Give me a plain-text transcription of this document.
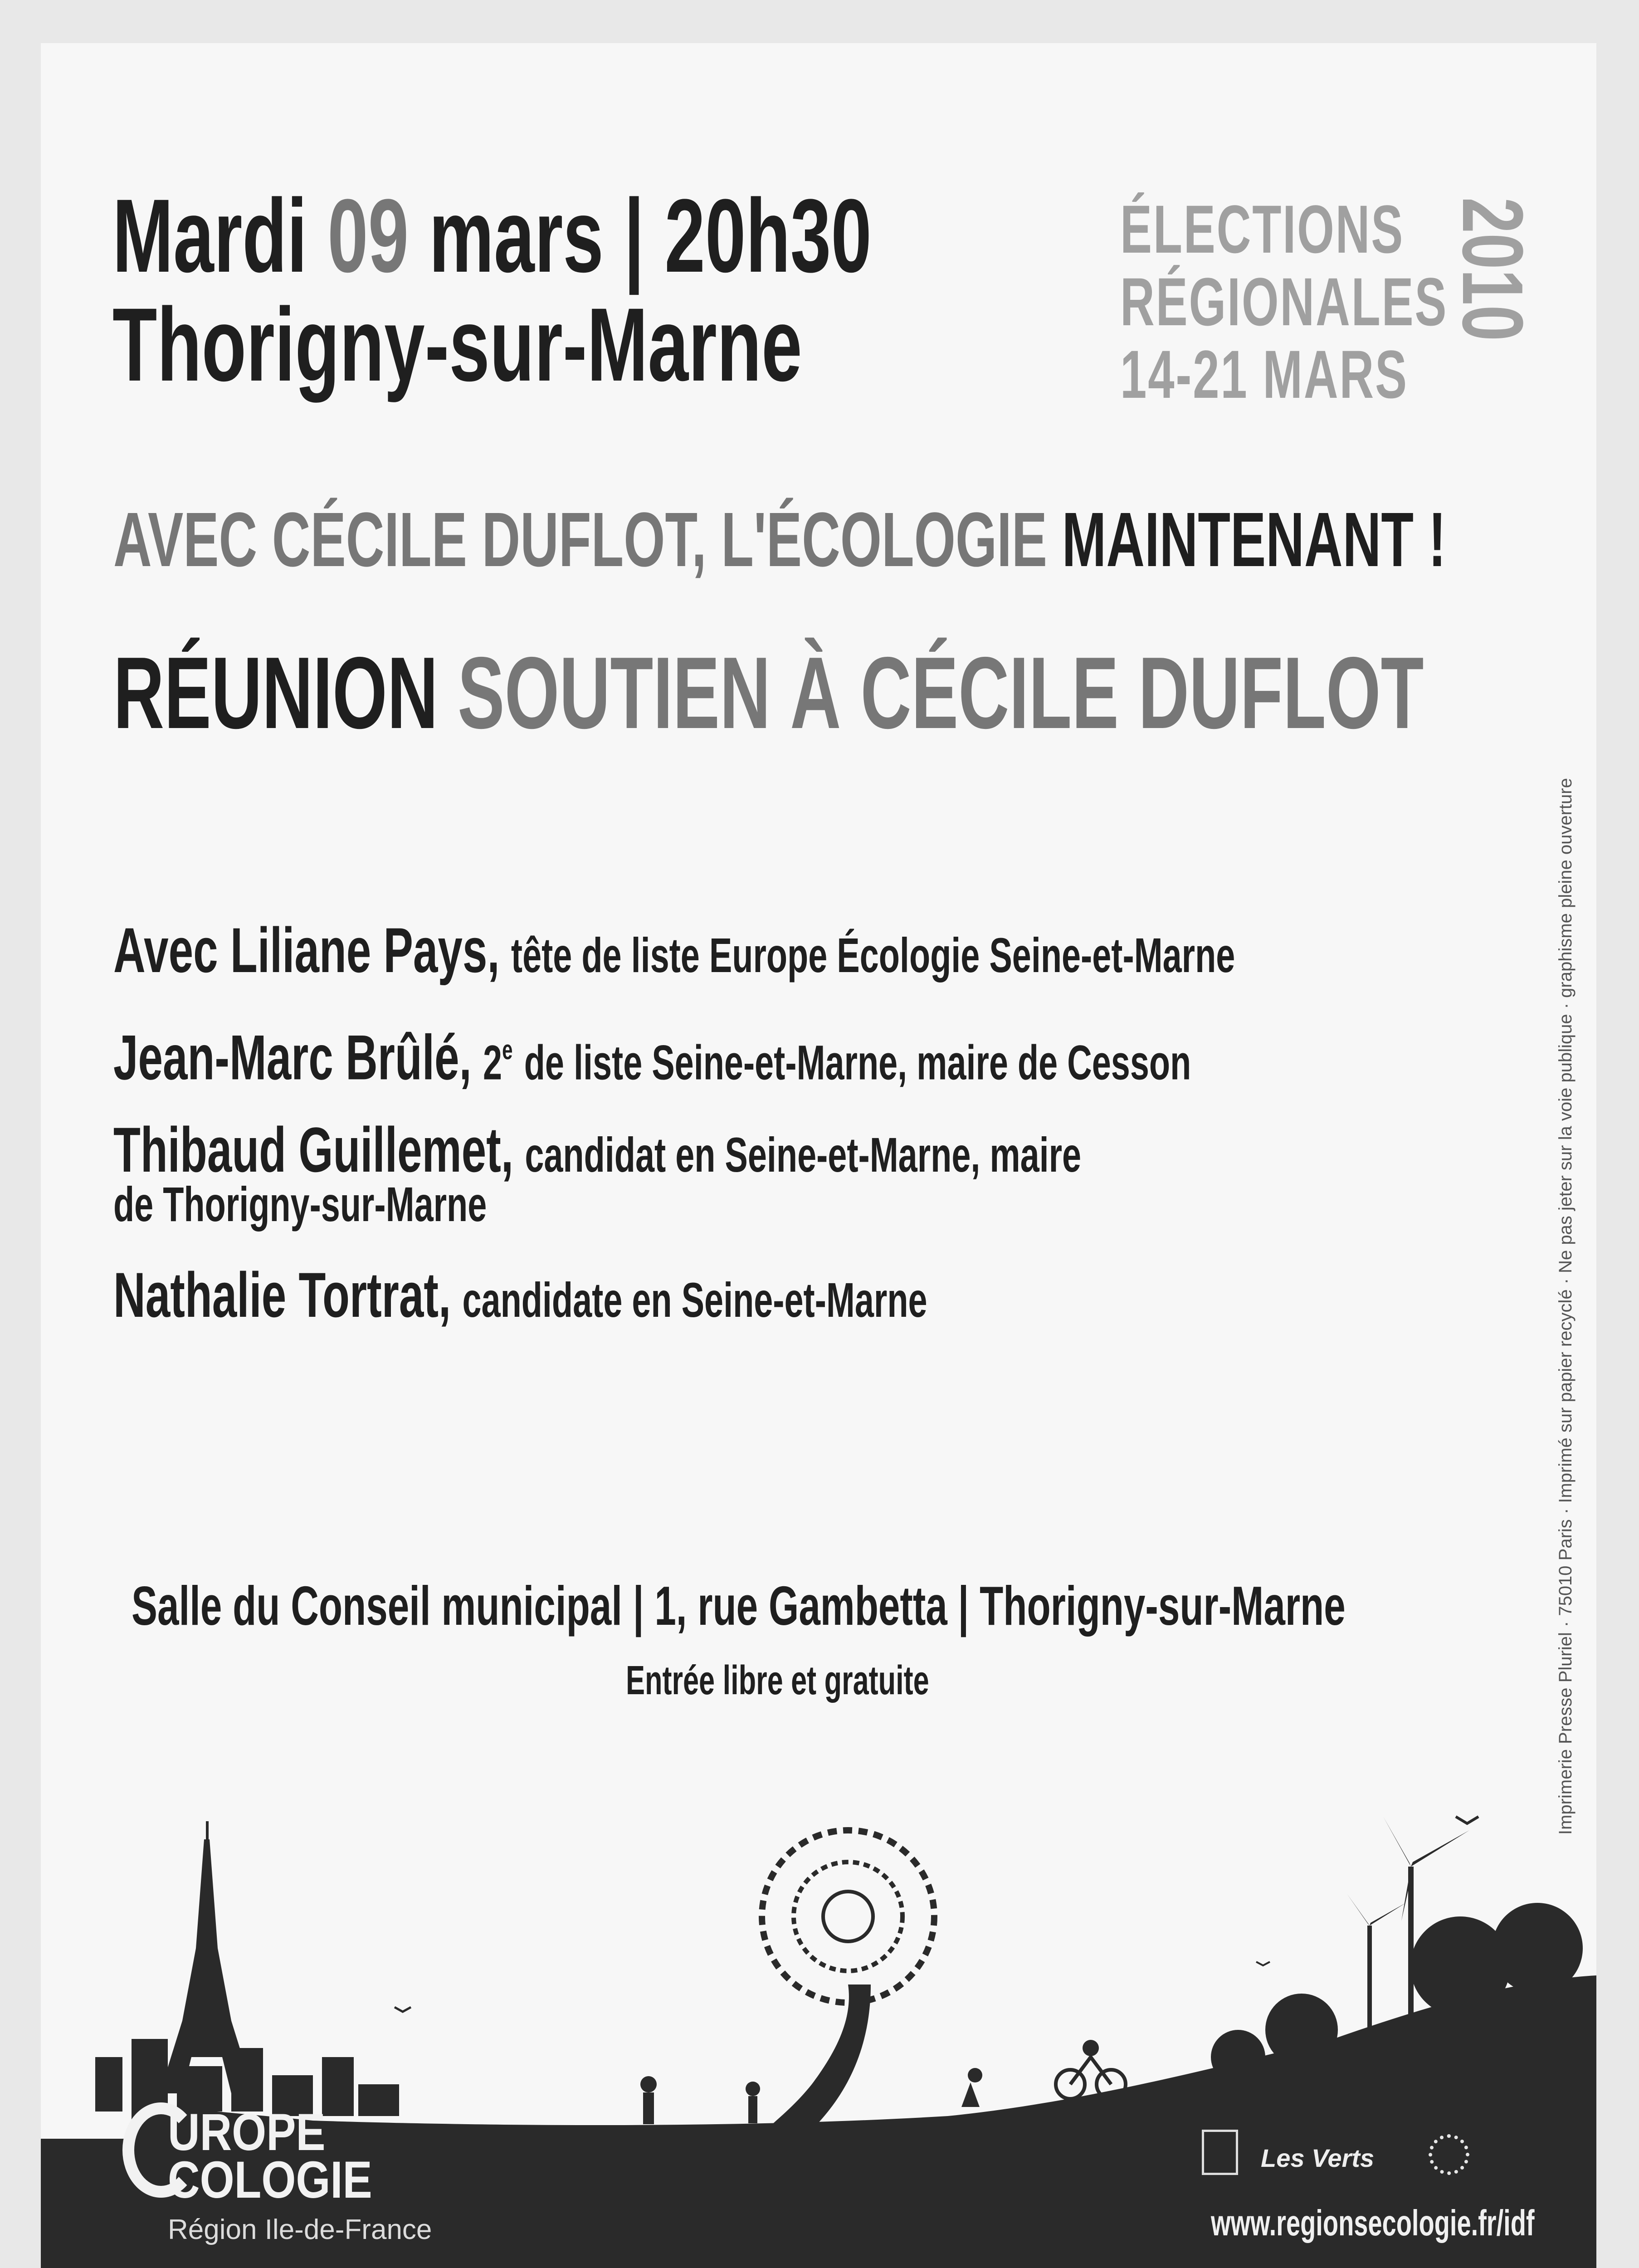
Mardi 09 mars | 20h30
Thorigny-sur-Marne
ÉLECTIONS
RÉGIONALES
14-21 MARS
2010
AVEC CÉCILE DUFLOT, L'ÉCOLOGIE MAINTENANT !
RÉUNION SOUTIEN À CÉCILE DUFLOT
Avec Liliane Pays, tête de liste Europe Écologie Seine-et-Marne
Jean-Marc Brûlé, 2e de liste Seine-et-Marne, maire de Cesson
Thibaud Guillemet, candidat en Seine-et-Marne, maire
de Thorigny-sur-Marne
Nathalie Tortrat, candidate en Seine-et-Marne
Salle du Conseil municipal | 1, rue Gambetta | Thorigny-sur-Marne
Entrée libre et gratuite	Imprimerie Presse Pluriel · 75010 Paris · Imprimé sur papier recyclé · Ne pas jeter sur la voie publique · graphisme pleine ouverture
UROPE
COLOGIE
Région Ile-de-France
Les Verts
www.regionsecologie.fr/idf
